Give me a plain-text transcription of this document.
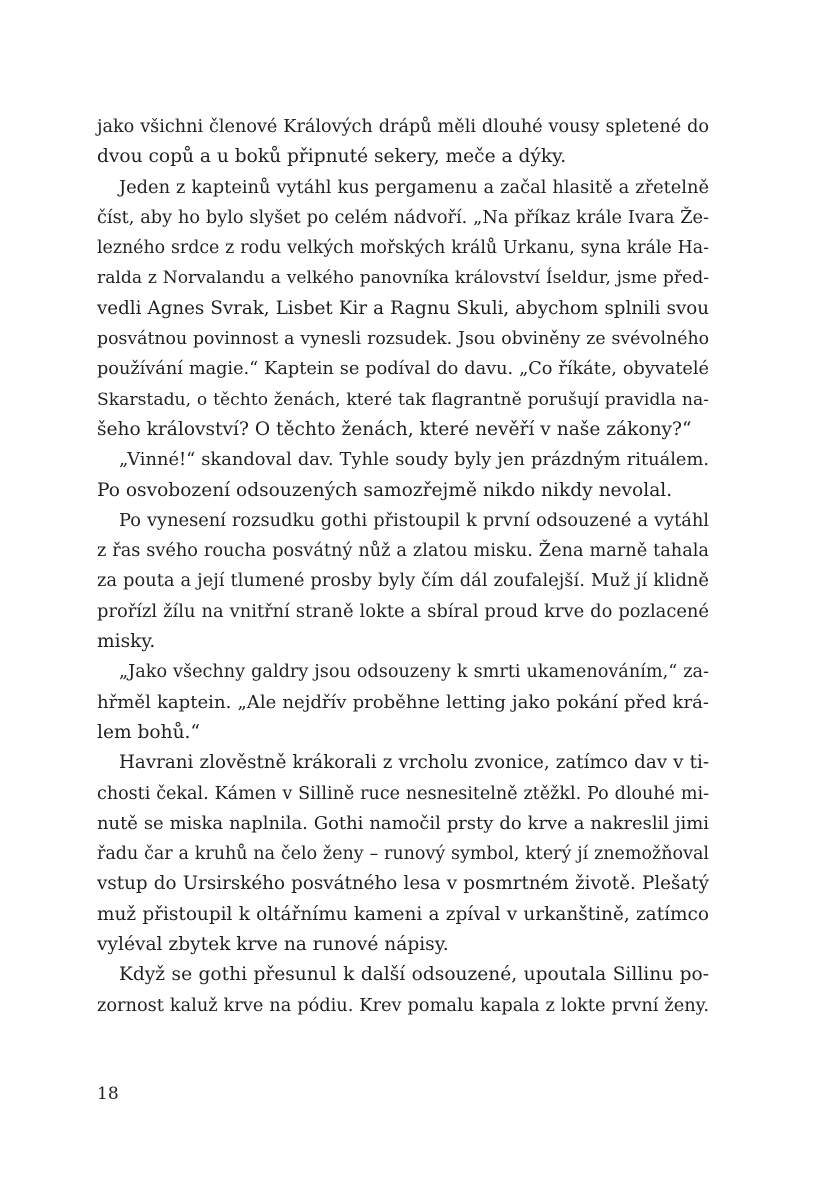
jako všichni členové Králových drápů měli dlouhé vousy spletené do
dvou copů a u boků připnuté sekery, meče a dýky.
Jeden z kapteinů vytáhl kus pergamenu a začal hlasitě a zřetelně
číst, aby ho bylo slyšet po celém nádvoří. „Na příkaz krále Ivara Že-
lezného srdce z rodu velkých mořských králů Urkanu, syna krále Ha-
ralda z Norvalandu a velkého panovníka království Íseldur, jsme před-
vedli Agnes Svrak, Lisbet Kir a Ragnu Skuli, abychom splnili svou
posvátnou povinnost a vynesli rozsudek. Jsou obviněny ze svévolného
používání magie.“ Kaptein se podíval do davu. „Co říkáte, obyvatelé
Skarstadu, o těchto ženách, které tak flagrantně porušují pravidla na-
šeho království? O těchto ženách, které nevěří v naše zákony?“
„Vinné!“ skandoval dav. Tyhle soudy byly jen prázdným rituálem.
Po osvobození odsouzených samozřejmě nikdo nikdy nevolal.
Po vynesení rozsudku gothi přistoupil k první odsouzené a vytáhl
z řas svého roucha posvátný nůž a zlatou misku. Žena marně tahala
za pouta a její tlumené prosby byly čím dál zoufalejší. Muž jí klidně
prořízl žílu na vnitřní straně lokte a sbíral proud krve do pozlacené
misky.
„Jako všechny galdry jsou odsouzeny k smrti ukamenováním,“ za-
hřměl kaptein. „Ale nejdřív proběhne letting jako pokání před krá-
lem bohů.“
Havrani zlověstně krákorali z vrcholu zvonice, zatímco dav v ti-
chosti čekal. Kámen v Sillině ruce nesnesitelně ztěžkl. Po dlouhé mi-
nutě se miska naplnila. Gothi namočil prsty do krve a nakreslil jimi
řadu čar a kruhů na čelo ženy – runový symbol, který jí znemožňoval
vstup do Ursirského posvátného lesa v posmrtném životě. Plešatý
muž přistoupil k oltářnímu kameni a zpíval v urkanštině, zatímco
vyléval zbytek krve na runové nápisy.
Když se gothi přesunul k další odsouzené, upoutala Sillinu po-
zornost kaluž krve na pódiu. Krev pomalu kapala z lokte první ženy.
18
